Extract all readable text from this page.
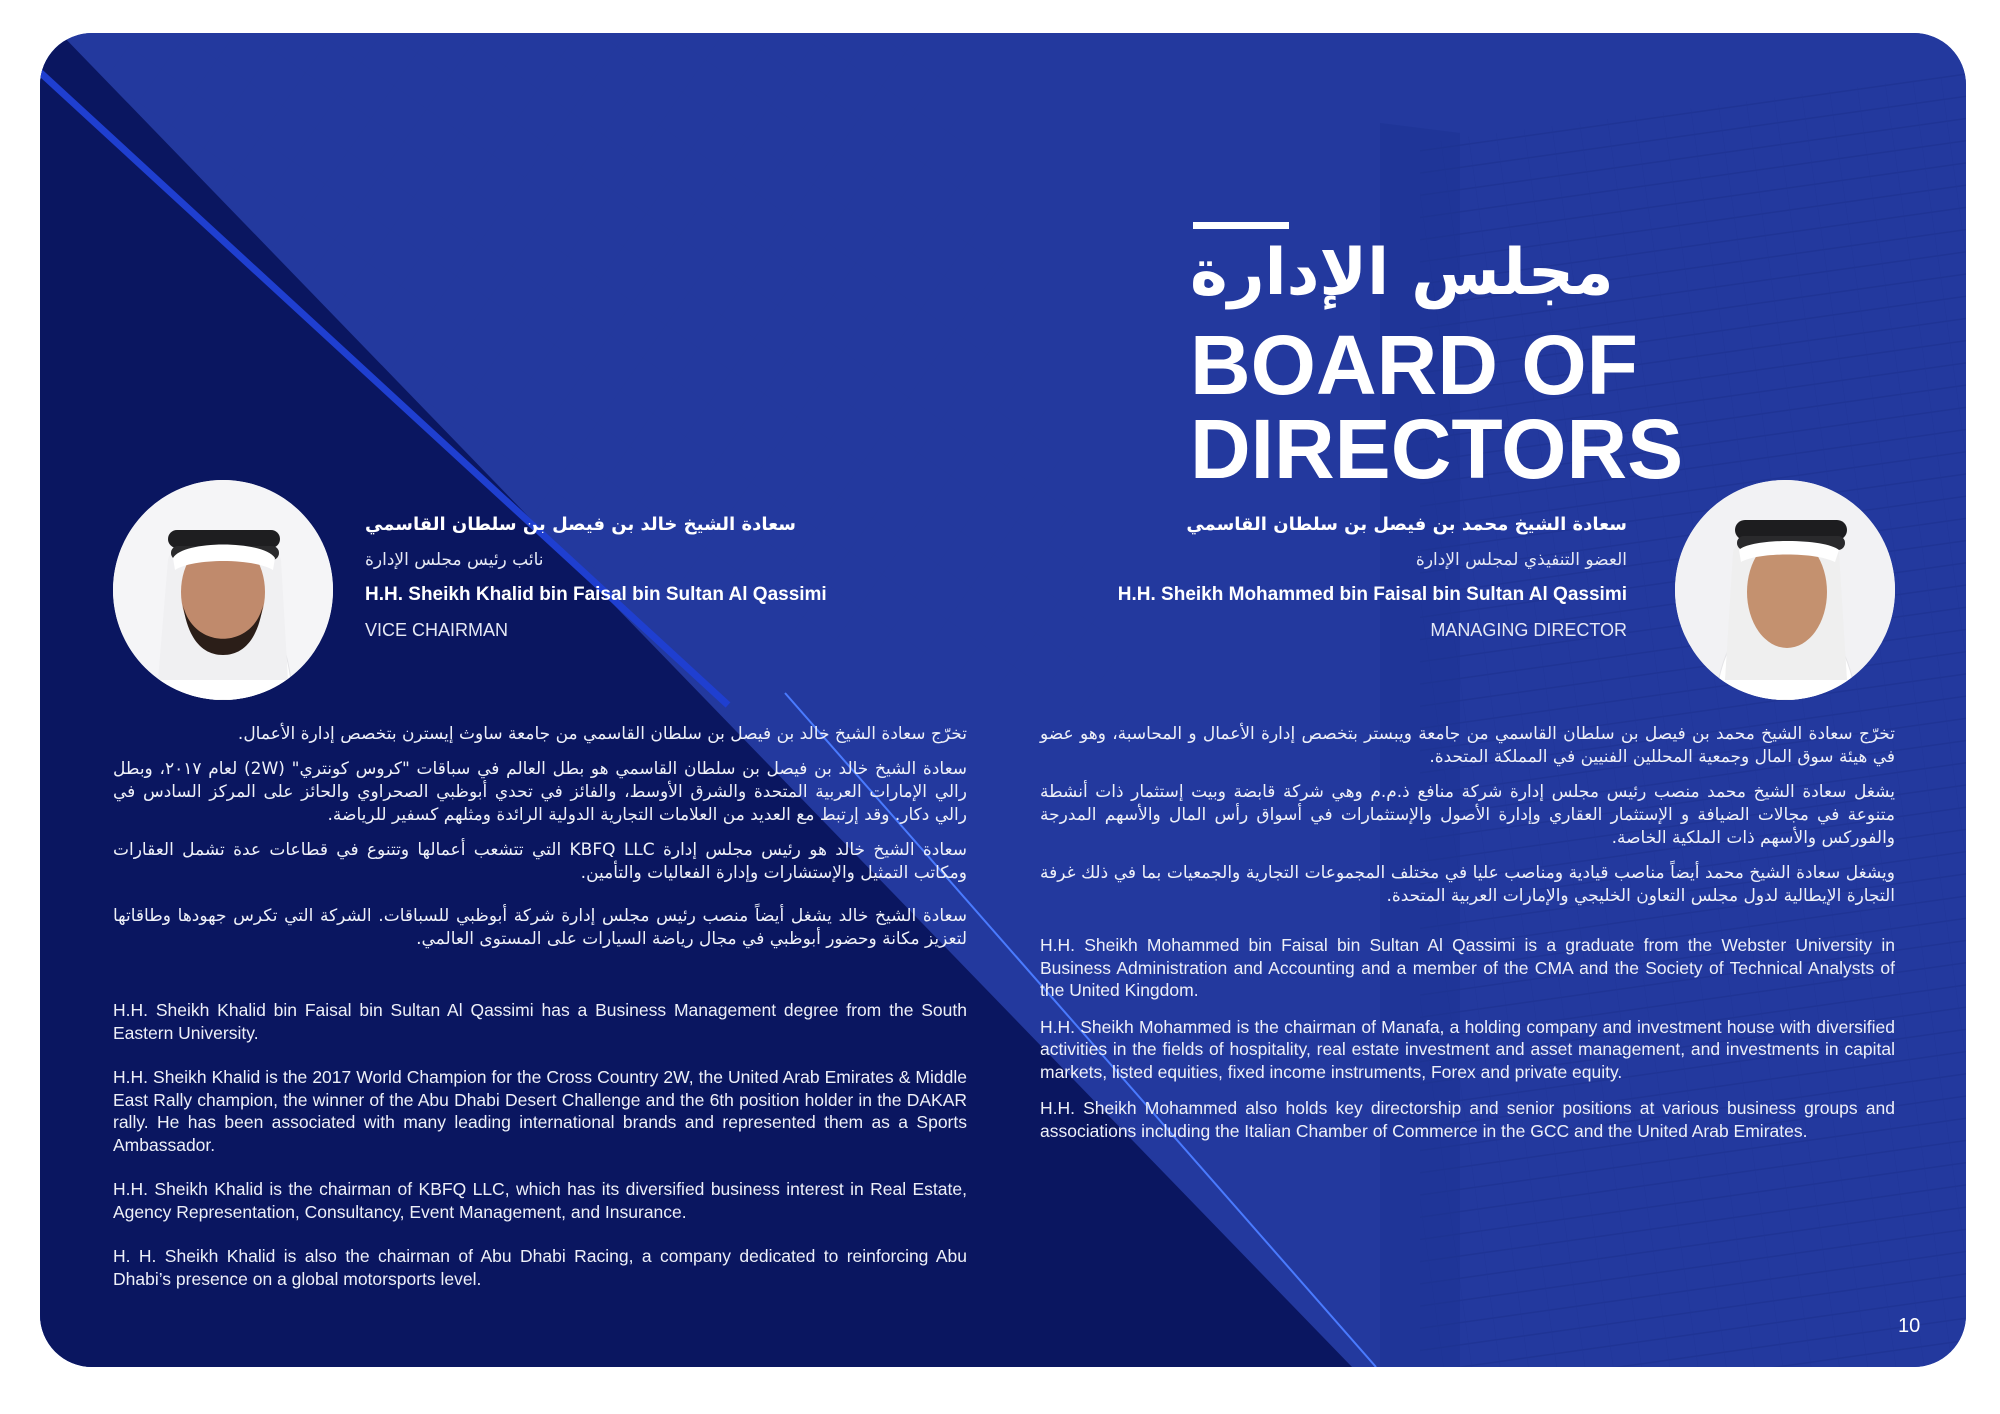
مجلس الإدارة
BOARD OF
DIRECTORS
سعادة الشيخ خالد بن فيصل بن سلطان القاسمي
نائب رئيس مجلس الإدارة
H.H. Sheikh Khalid bin Faisal bin Sultan Al Qassimi
VICE CHAIRMAN
سعادة الشيخ محمد بن فيصل بن سلطان القاسمي
العضو التنفيذي لمجلس الإدارة
H.H. Sheikh Mohammed bin Faisal bin Sultan Al Qassimi
MANAGING DIRECTOR

تخرّج سعادة الشيخ خالد بن فيصل بن سلطان القاسمي من جامعة ساوث إيسترن بتخصص إدارة الأعمال.

سعادة الشيخ خالد بن فيصل بن سلطان القاسمي هو بطل العالم في سباقات "كروس كونتري" (2W) لعام ٢٠١٧، وبطل رالي الإمارات العربية المتحدة والشرق الأوسط، والفائز في تحدي أبوظبي الصحراوي والحائز على المركز السادس في رالي دكار. وقد إرتبط مع العديد من العلامات التجارية الدولية الرائدة ومثلهم كسفير للرياضة.

سعادة الشيخ خالد هو رئيس مجلس إدارة KBFQ LLC التي تتشعب أعمالها وتتنوع في قطاعات عدة تشمل العقارات ومكاتب التمثيل والإستشارات وإدارة الفعاليات والتأمين.

سعادة الشيخ خالد يشغل أيضاً منصب رئيس مجلس إدارة شركة أبوظبي للسباقات. الشركة التي تكرس جهودها وطاقاتها لتعزيز مكانة وحضور أبوظبي في مجال رياضة السيارات على المستوى العالمي.

H.H. Sheikh Khalid bin Faisal bin Sultan Al Qassimi has a Business Management degree from the South Eastern University.

H.H. Sheikh Khalid is the 2017 World Champion for the Cross Country 2W, the United Arab Emirates & Middle East Rally champion, the winner of the Abu Dhabi Desert Challenge and the 6th position holder in the DAKAR rally. He has been associated with many leading international brands and represented them as a Sports Ambassador.

H.H. Sheikh Khalid is the chairman of KBFQ LLC, which has its diversified business interest in Real Estate, Agency Representation, Consultancy, Event Management, and Insurance.

H. H. Sheikh Khalid is also the chairman of Abu Dhabi Racing, a company dedicated to reinforcing Abu Dhabi’s presence on a global motorsports level.

تخرّج سعادة الشيخ محمد بن فيصل بن سلطان القاسمي من جامعة ويبستر بتخصص إدارة الأعمال و المحاسبة، وهو عضو في هيئة سوق المال وجمعية المحللين الفنيين في المملكة المتحدة.

يشغل سعادة الشيخ محمد منصب رئيس مجلس إدارة شركة منافع ذ.م.م وهي شركة قابضة وبيت إستثمار ذات أنشطة متنوعة في مجالات الضيافة و الإستثمار العقاري وإدارة الأصول والإستثمارات في أسواق رأس المال والأسهم المدرجة والفوركس والأسهم ذات الملكية الخاصة.

ويشغل سعادة الشيخ محمد أيضاً مناصب قيادية ومناصب عليا في مختلف المجموعات التجارية والجمعيات بما في ذلك غرفة التجارة الإيطالية لدول مجلس التعاون الخليجي والإمارات العربية المتحدة.

H.H. Sheikh Mohammed bin Faisal bin Sultan Al Qassimi is a graduate from the Webster University in Business Administration and Accounting and a member of the CMA and the Society of Technical Analysts of the United Kingdom.

H.H. Sheikh Mohammed is the chairman of Manafa, a holding company and investment house with diversified activities in the fields of hospitality, real estate investment and asset management, and investments in capital markets, listed equities, fixed income instruments, Forex and private equity.

H.H. Sheikh Mohammed also holds key directorship and senior positions at various business groups and associations including the Italian Chamber of Commerce in the GCC and the United Arab Emirates.

10
